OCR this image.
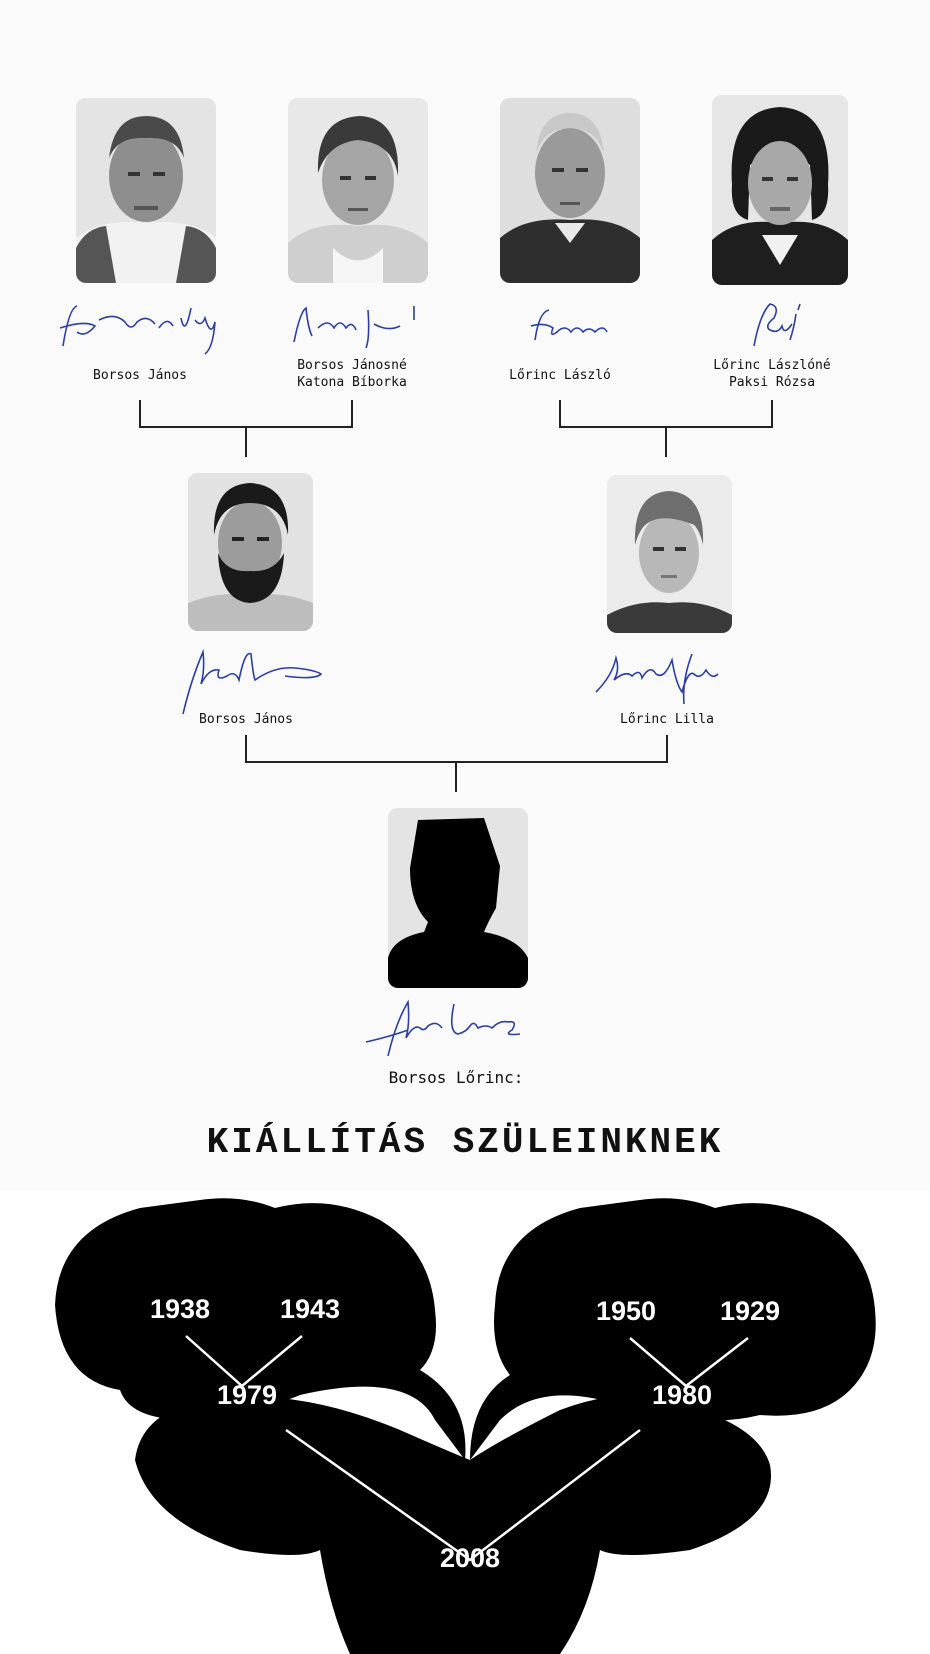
Borsos János
Borsos Jánosné
Katona Bíborka	Lőrinc László
Lőrinc Lászlóné
Paksi Rózsa
Borsos János	Lőrinc Lilla
Borsos Lőrinc:
KIÁLLÍTÁS SZÜLEINKNEK
1938	1943	1950 1929
1979	1980
2008
